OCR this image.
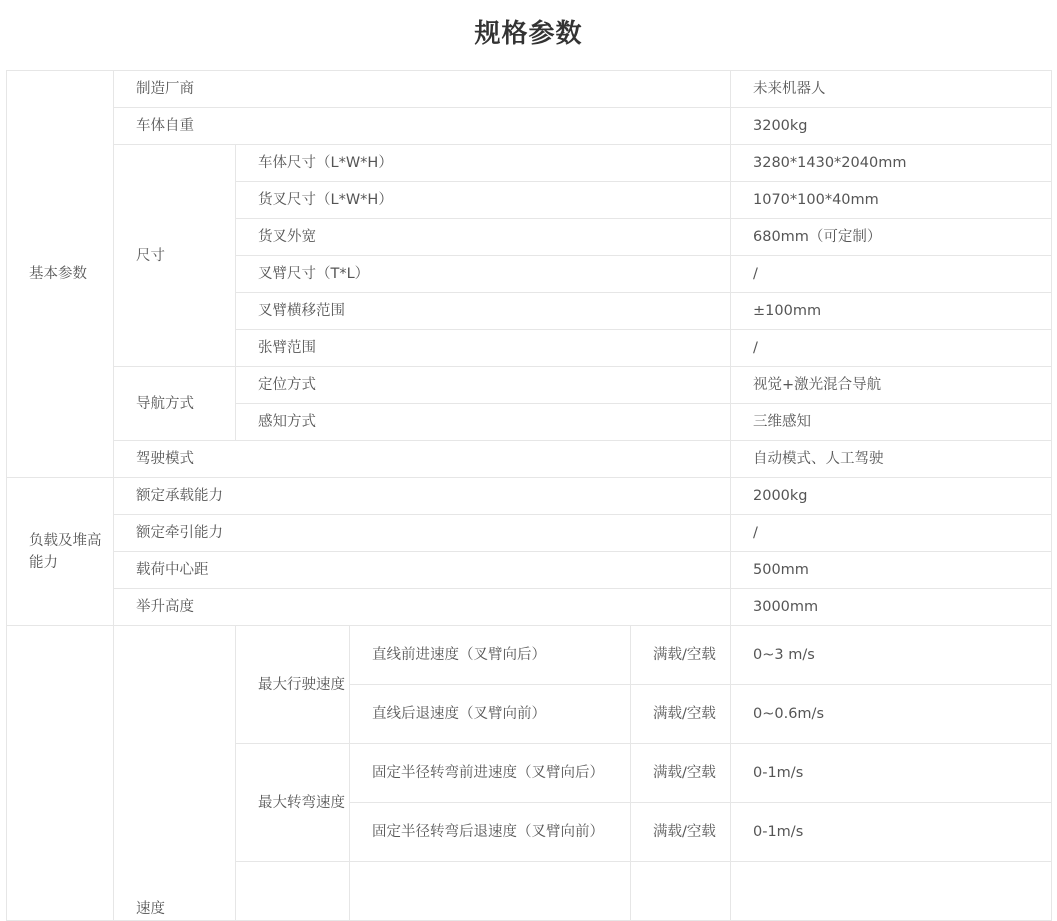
规格参数
基本参数	制造厂商				未来机器人
	车体自重				3200kg
	尺寸	车体尺寸（L*W*H）			3280*1430*2040mm
		货叉尺寸（L*W*H）			1070*100*40mm
		货叉外宽			680mm（可定制）
		叉臂尺寸（T*L）			/
		叉臂横移范围			±100mm
		张臂范围			/
	导航方式	定位方式			视觉+激光混合导航
		感知方式			三维感知
	驾驶模式				自动模式、人工驾驶
负载及堆高能力	额定承载能力				2000kg
	额定牵引能力				/
	载荷中心距				500mm
	举升高度				3000mm
	速度	最大行驶速度	直线前进速度（叉臂向后）	满载/空载	0~3 m/s
			直线后退速度（叉臂向前）	满载/空载	0~0.6m/s
		最大转弯速度	固定半径转弯前进速度（叉臂向后）	满载/空载	0-1m/s
			固定半径转弯后退速度（叉臂向前）	满载/空载	0-1m/s
